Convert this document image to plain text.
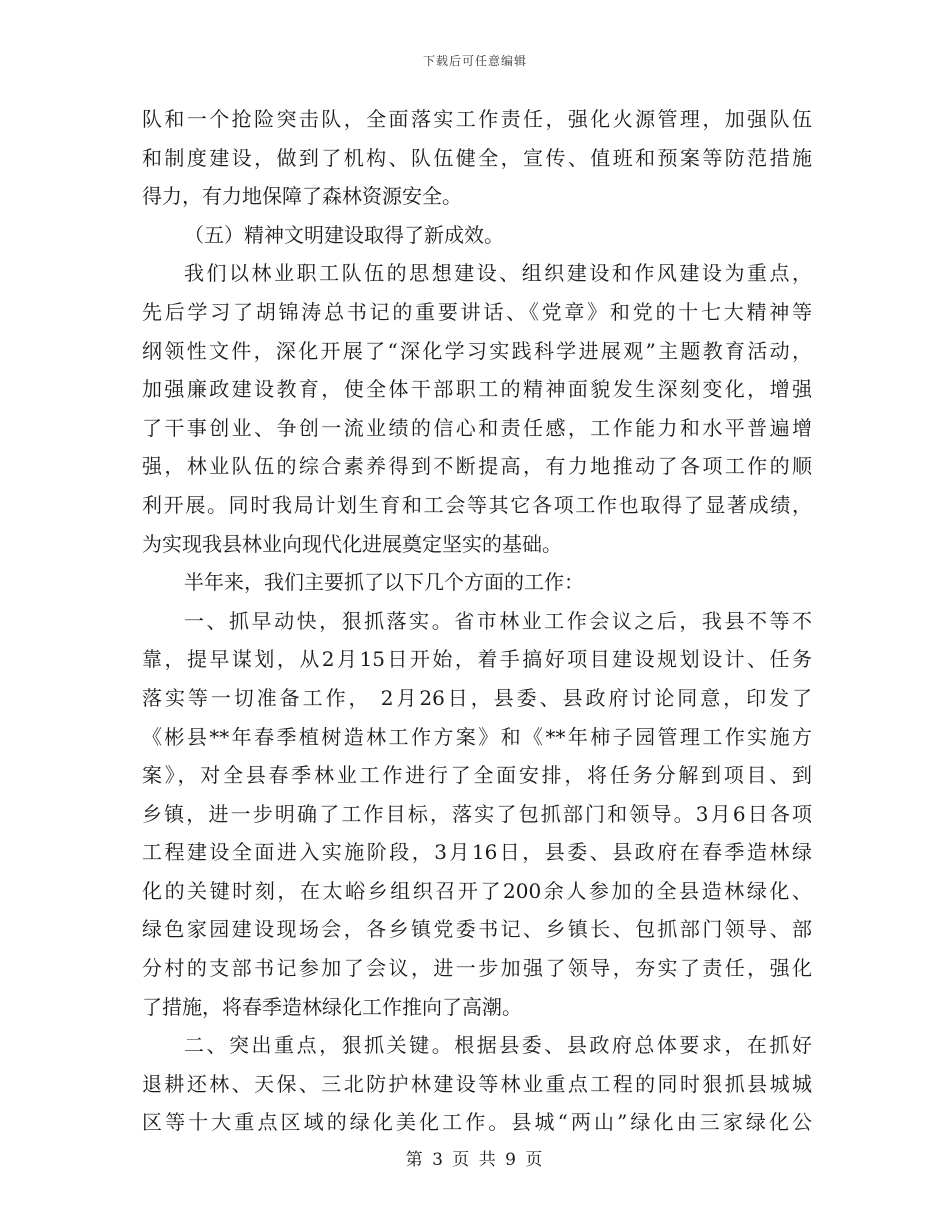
下载后可任意编辑
队和一个抢险突击队，全面落实工作责任，强化火源管理，加强队伍
和制度建设，做到了机构、队伍健全，宣传、值班和预案等防范措施
得力，有力地保障了森林资源安全。
（五）精神文明建设取得了新成效。
我们以林业职工队伍的思想建设、组织建设和作风建设为重点，
先后学习了胡锦涛总书记的重要讲话、《党章》和党的十七大精神等
纲领性文件，深化开展了“深化学习实践科学进展观”主题教育活动，
加强廉政建设教育，使全体干部职工的精神面貌发生深刻变化，增强
了干事创业、争创一流业绩的信心和责任感，工作能力和水平普遍增
强，林业队伍的综合素养得到不断提高，有力地推动了各项工作的顺
利开展。同时我局计划生育和工会等其它各项工作也取得了显著成绩，
为实现我县林业向现代化进展奠定坚实的基础。
半年来，我们主要抓了以下几个方面的工作：
一、抓早动快，狠抓落实。省市林业工作会议之后，我县不等不
靠，提早谋划，从2月15日开始，着手搞好项目建设规划设计、任务
落实等一切准备工作， 2月26日，县委、县政府讨论同意，印发了
《彬县**年春季植树造林工作方案》和《**年柿子园管理工作实施方
案》，对全县春季林业工作进行了全面安排，将任务分解到项目、到
乡镇，进一步明确了工作目标，落实了包抓部门和领导。3月6日各项
工程建设全面进入实施阶段，3月16日，县委、县政府在春季造林绿
化的关键时刻，在太峪乡组织召开了200余人参加的全县造林绿化、
绿色家园建设现场会，各乡镇党委书记、乡镇长、包抓部门领导、部
分村的支部书记参加了会议，进一步加强了领导，夯实了责任，强化
了措施，将春季造林绿化工作推向了高潮。
二、突出重点，狠抓关键。根据县委、县政府总体要求，在抓好
退耕还林、天保、三北防护林建设等林业重点工程的同时狠抓县城城
区等十大重点区域的绿化美化工作。县城“两山”绿化由三家绿化公
第 3 页 共 9 页
